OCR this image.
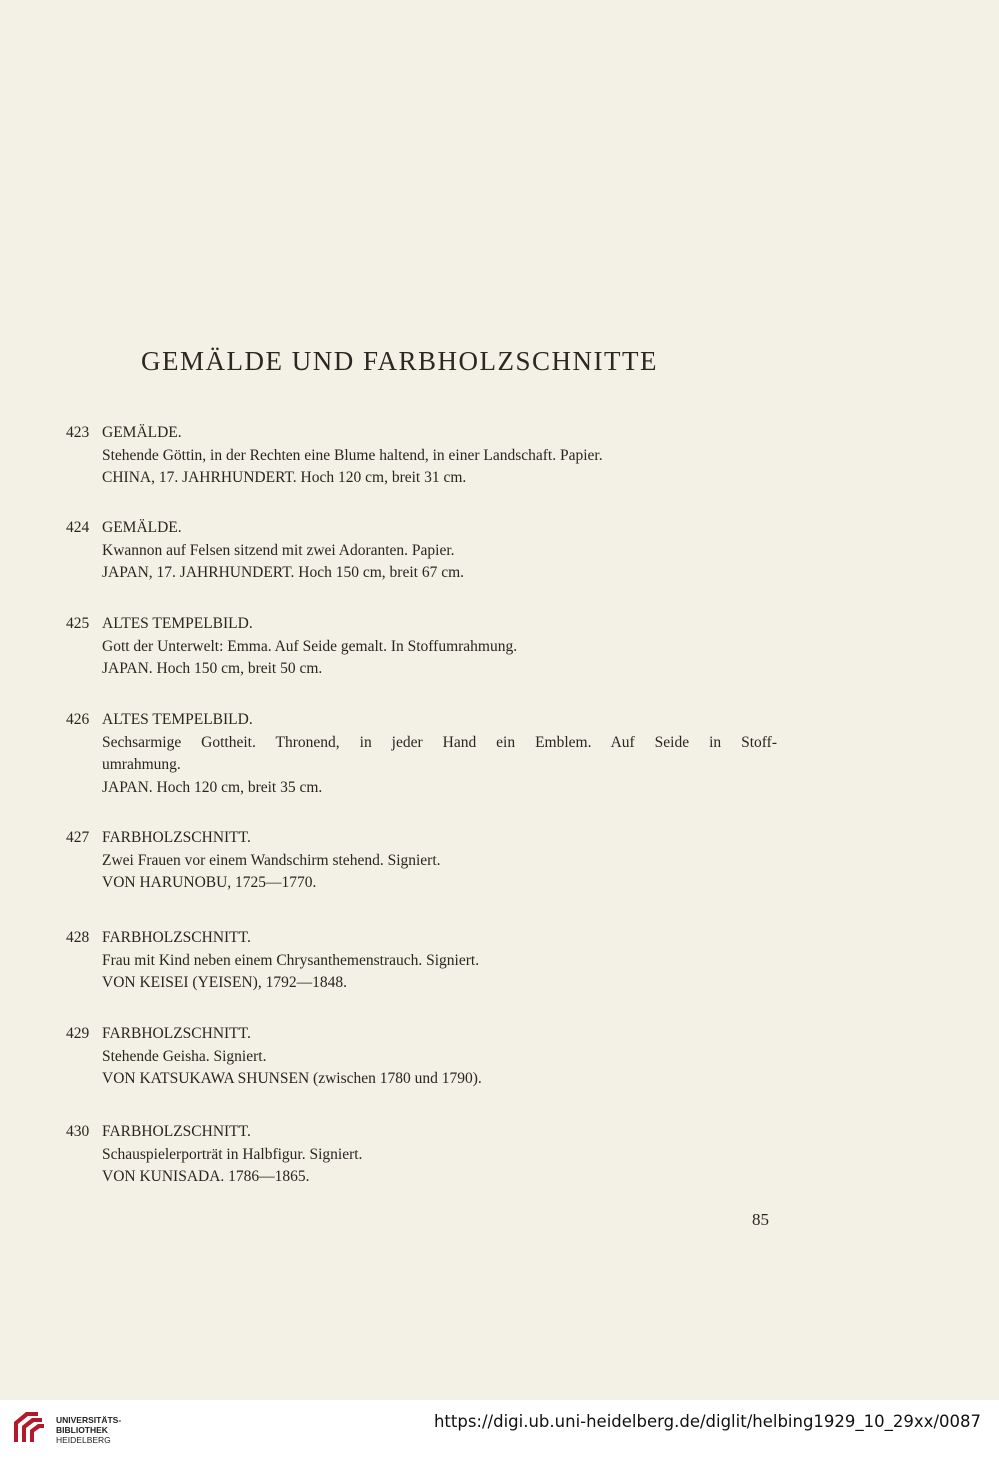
GEMÄLDE UND FARBHOLZSCHNITTE
423 GEMÄLDE.
Stehende Göttin, in der Rechten eine Blume haltend, in einer Landschaft. Papier.
CHINA, 17. JAHRHUNDERT. Hoch 120 cm, breit 31 cm.
424 GEMÄLDE.
Kwannon auf Felsen sitzend mit zwei Adoranten. Papier.
JAPAN, 17. JAHRHUNDERT. Hoch 150 cm, breit 67 cm.
425 ALTES TEMPELBILD.
Gott der Unterwelt: Emma. Auf Seide gemalt. In Stoffumrahmung.
JAPAN. Hoch 150 cm, breit 50 cm.
426 ALTES TEMPELBILD.
Sechsarmige Gottheit. Thronend, in jeder Hand ein Emblem. Auf Seide in Stoff-
umrahmung.
JAPAN. Hoch 120 cm, breit 35 cm.
427 FARBHOLZSCHNITT.
Zwei Frauen vor einem Wandschirm stehend. Signiert.
VON HARUNOBU, 1725—1770.
428 FARBHOLZSCHNITT.
Frau mit Kind neben einem Chrysanthemenstrauch. Signiert.
VON KEISEI (YEISEN), 1792—1848.
429 FARBHOLZSCHNITT.
Stehende Geisha. Signiert.
VON KATSUKAWA SHUNSEN (zwischen 1780 und 1790).
430 FARBHOLZSCHNITT.
Schauspielerporträt in Halbfigur. Signiert.
VON KUNISADA. 1786—1865.
85
UNIVERSITÄTS-
BIBLIOTHEK
HEIDELBERG
https://digi.ub.uni-heidelberg.de/diglit/helbing1929_10_29xx/0087
